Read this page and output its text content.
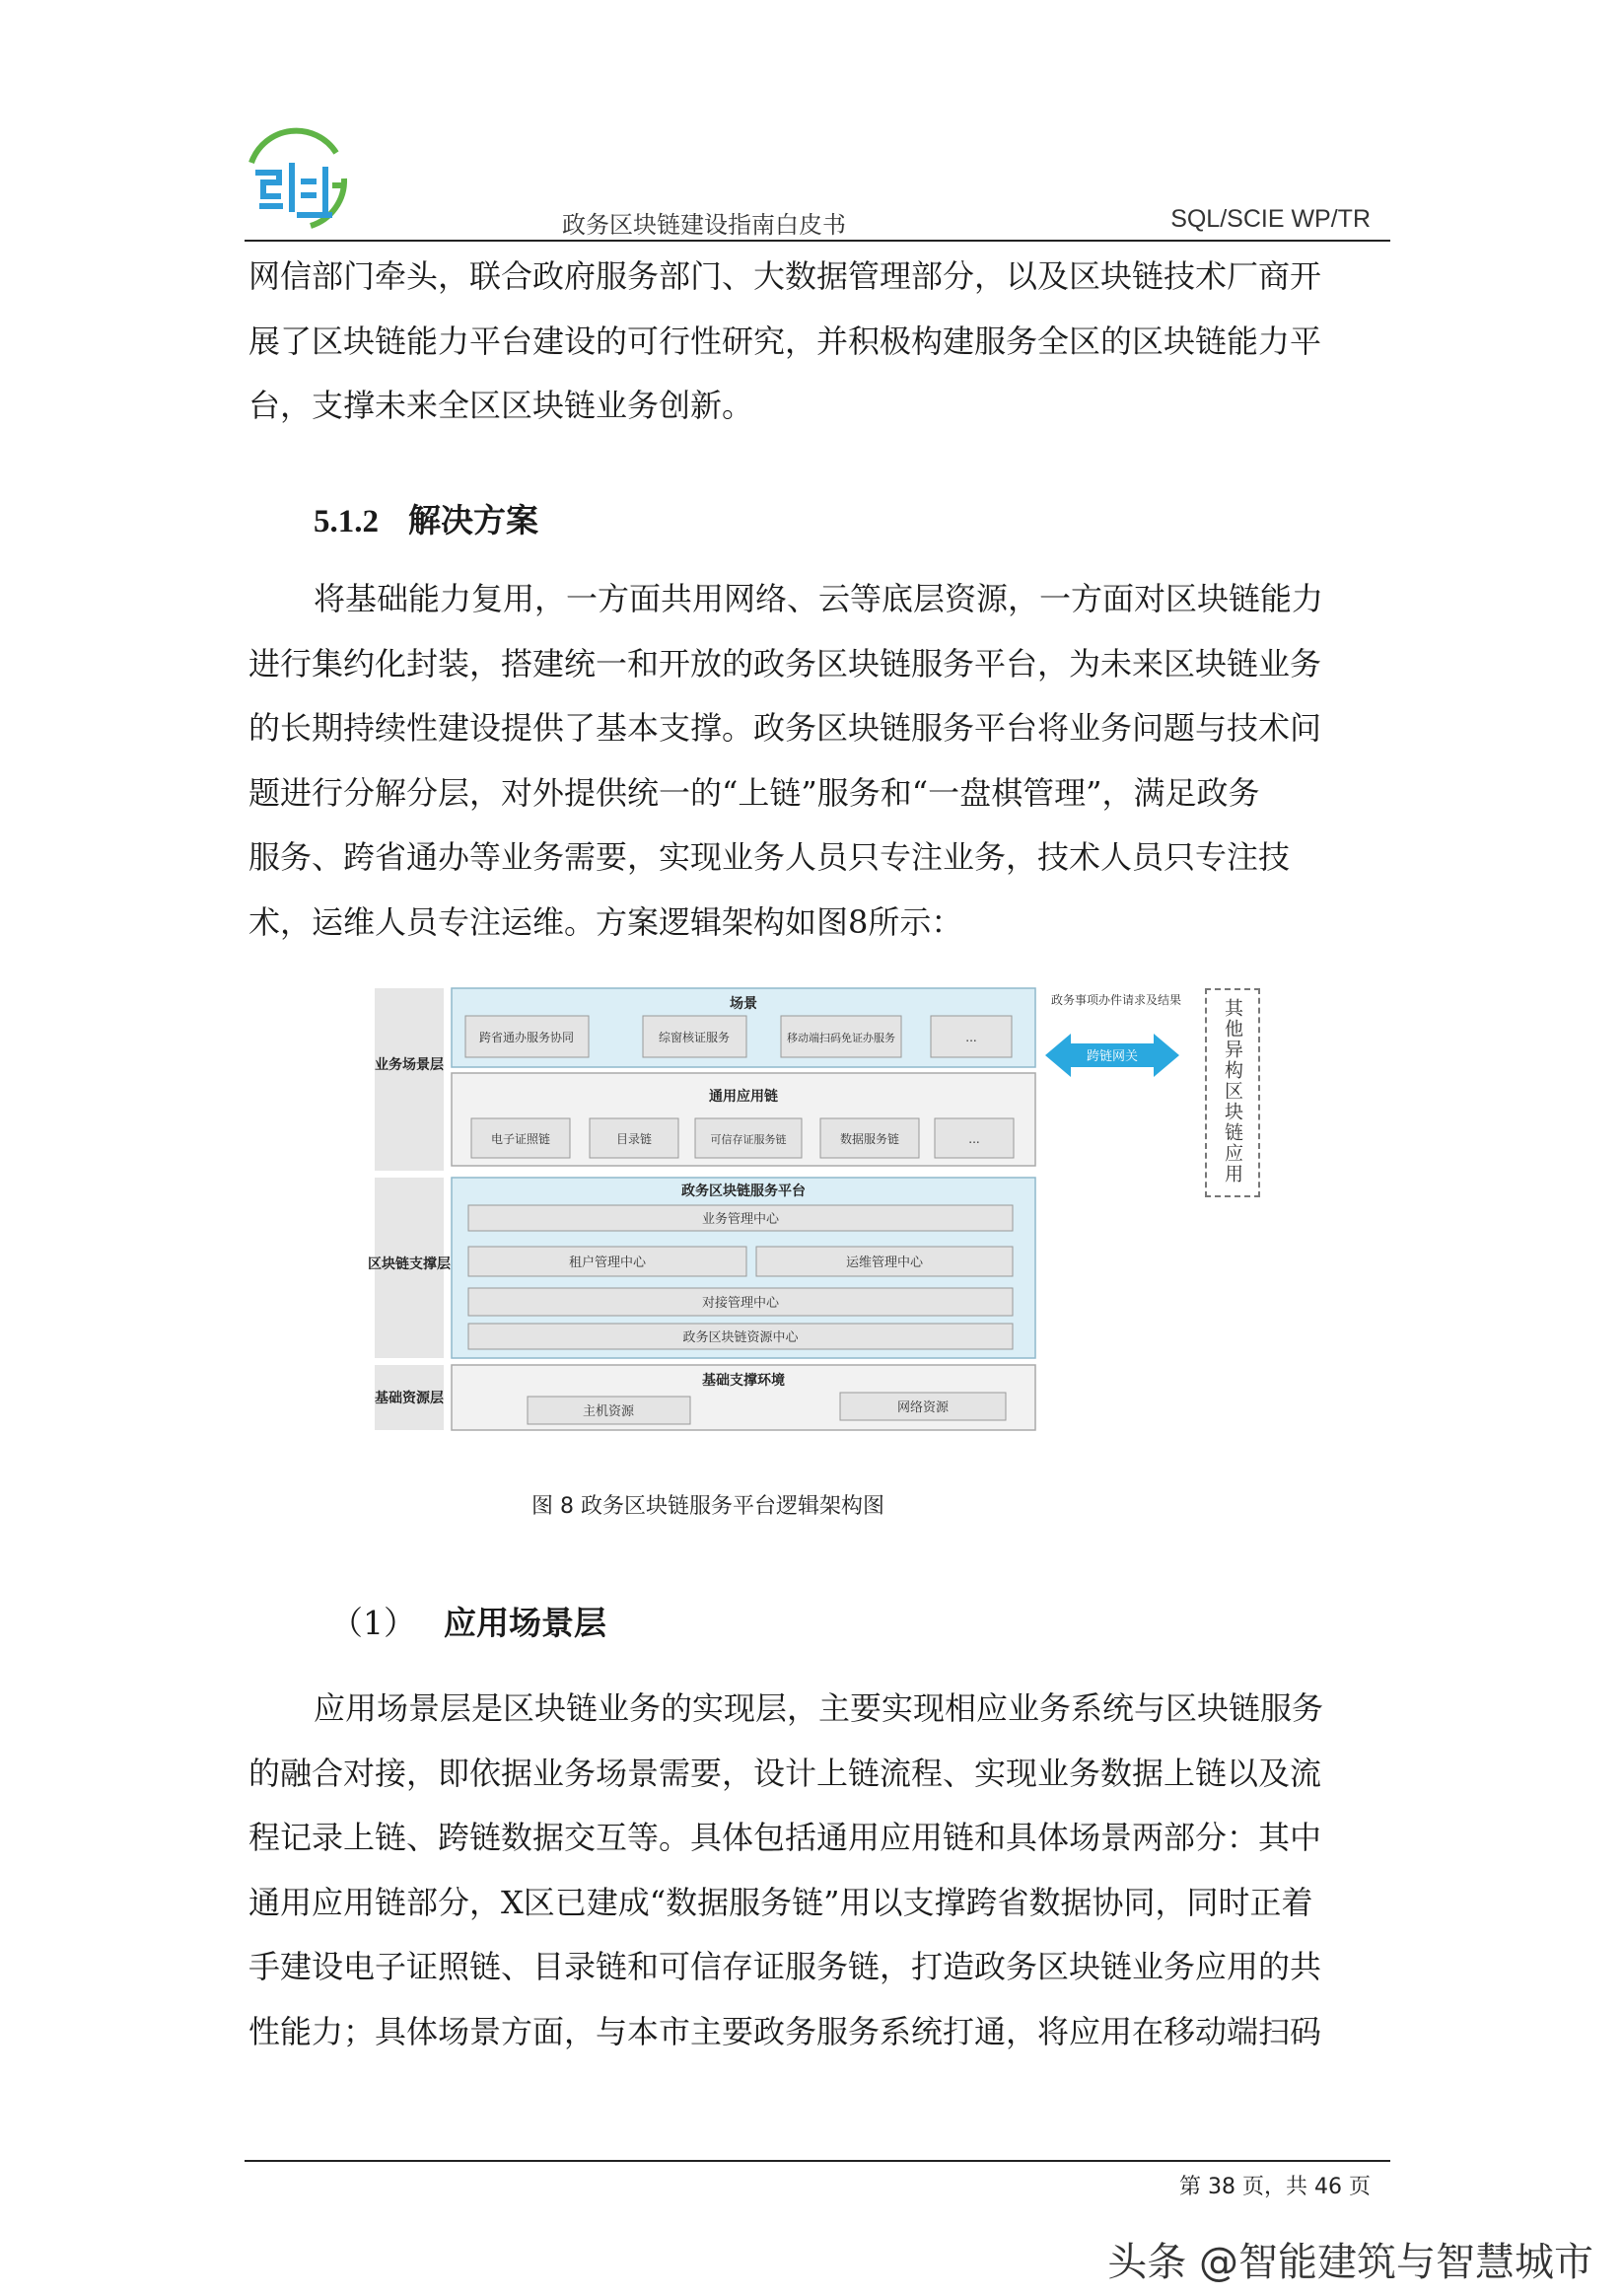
政务区块链建设指南白皮书	SQL/SCIE WP/TR
网信部门牵头，联合政府服务部门、大数据管理部分，以及区块链技术厂商开
展了区块链能力平台建设的可行性研究，并积极构建服务全区的区块链能力平
台，支撑未来全区区块链业务创新。
5.1.2 解决方案
将基础能力复用，一方面共用网络、云等底层资源，一方面对区块链能力
进行集约化封装，搭建统一和开放的政务区块链服务平台，为未来区块链业务
的长期持续性建设提供了基本支撑。政务区块链服务平台将业务问题与技术问
题进行分解分层，对外提供统一的“上链”服务和“一盘棋管理”，满足政务
服务、跨省通办等业务需要，实现业务人员只专注业务，技术人员只专注技
术，运维人员专注运维。方案逻辑架构如图8所示：
业务场景层
区块链支撑层
基础资源层
场景
跨省通办服务协同	综窗核证服务	移动端扫码免证办服务	...
通用应用链
电子证照链	目录链	可信存证服务链	数据服务链	...
政务区块链服务平台
业务管理中心
租户管理中心	运维管理中心
对接管理中心
政务区块链资源中心
基础支撑环境
主机资源	网络资源
政务事项办件请求及结果
跨链网关	其他异构区块链应用
图 8 政务区块链服务平台逻辑架构图
（1） 应用场景层
应用场景层是区块链业务的实现层，主要实现相应业务系统与区块链服务
的融合对接，即依据业务场景需要，设计上链流程、实现业务数据上链以及流
程记录上链、跨链数据交互等。具体包括通用应用链和具体场景两部分：其中
通用应用链部分，X区已建成“数据服务链”用以支撑跨省数据协同，同时正着
手建设电子证照链、目录链和可信存证服务链，打造政务区块链业务应用的共
性能力；具体场景方面，与本市主要政务服务系统打通，将应用在移动端扫码
第 38 页，共 46 页
头条 @智能建筑与智慧城市
